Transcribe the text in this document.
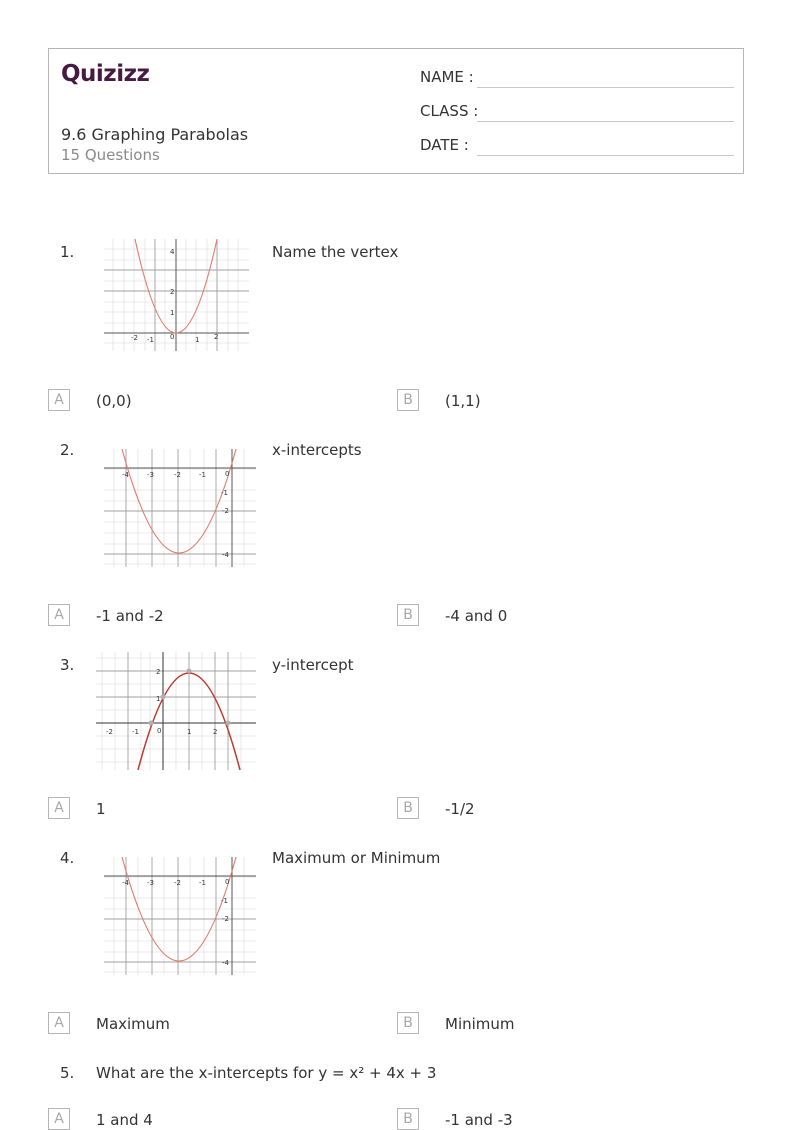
Quizizz
9.6 Graphing Parabolas
15 Questions
NAME :
CLASS :
DATE :
1.	4
2
1
0
-2 -1	1 2
Name the vertex
A	(0,0)	B	(1,1)
2.
-4	-3	-2	-1	0
-1
-2
-4
x-intercepts
A	-1 and -2	B	-4 and 0
3.	2
1
-2	-1	0	1	2
y-intercept
A	1	B	-1/2
4.
-4	-3	-2	-1	0
-1
-2
-4
Maximum or Minimum
A	Maximum	B	Minimum
5. What are the x-intercepts for y = x² + 4x + 3
A	1 and 4	B	-1 and -3
